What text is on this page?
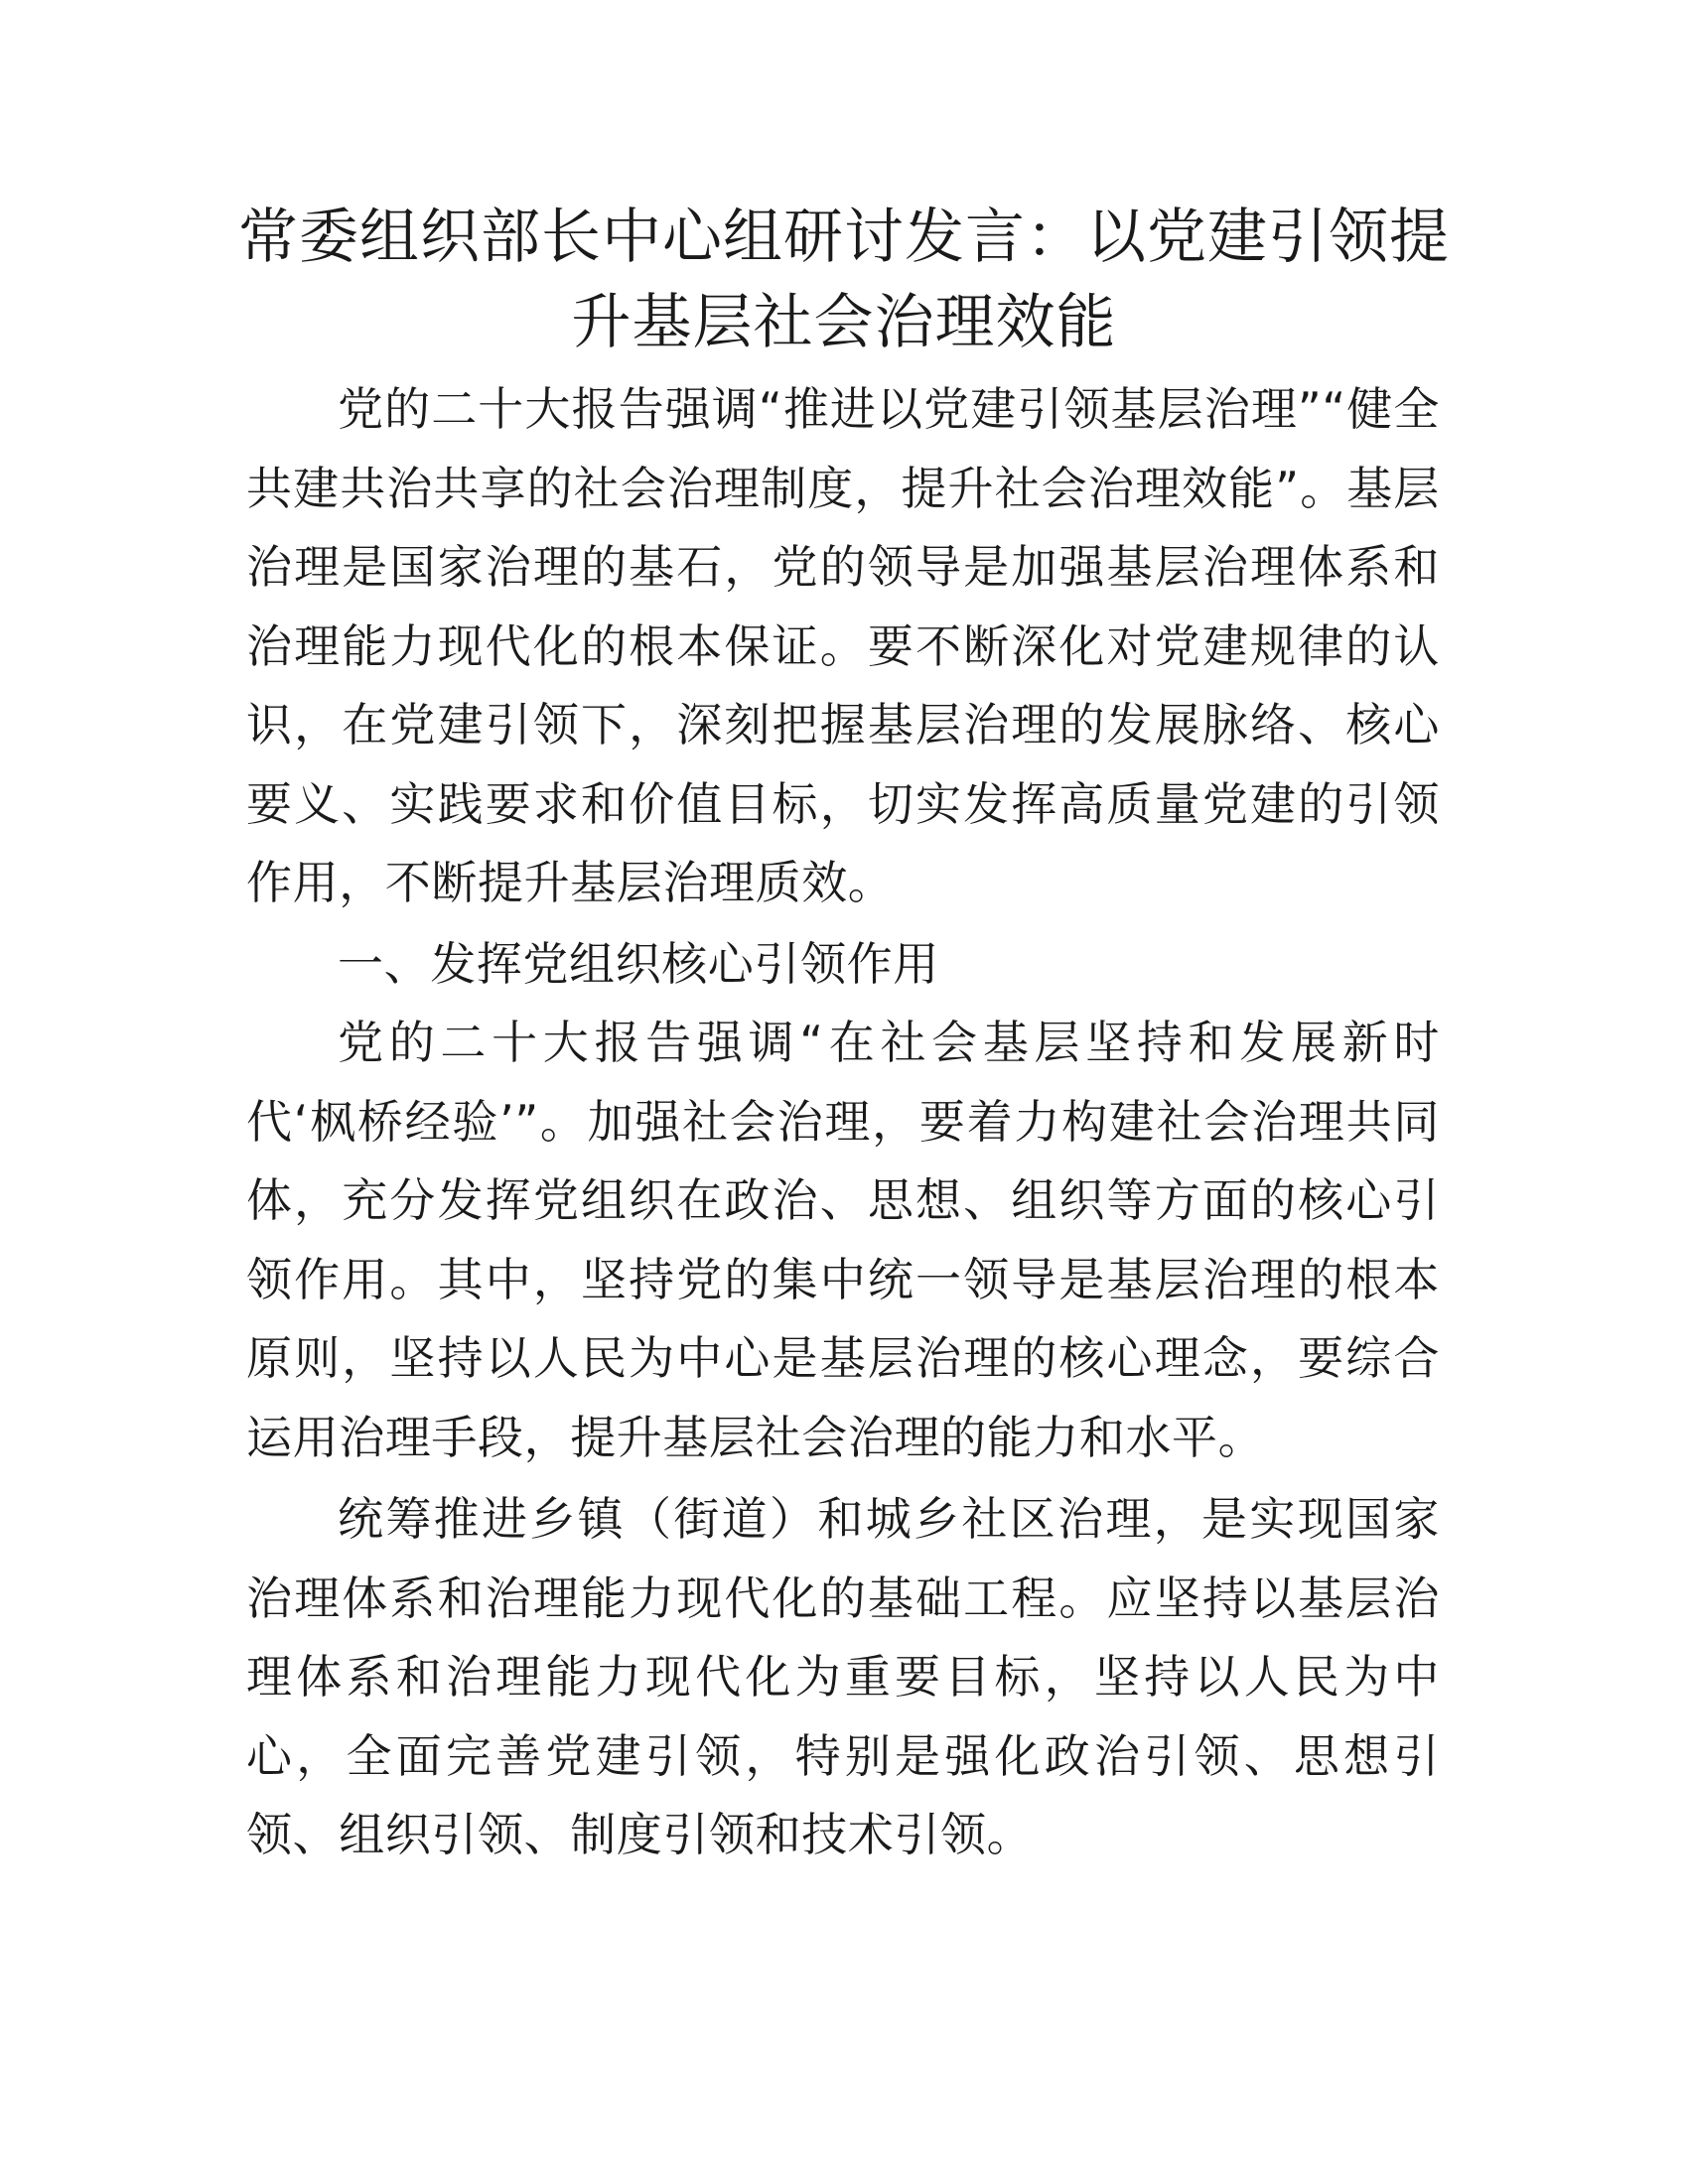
常委组织部长中心组研讨发言：以党建引领提
升基层社会治理效能

党的二十大报告强调“推进以党建引领基层治理”“健全共建共治共享的社会治理制度，提升社会治理效能”。基层治理是国家治理的基石，党的领导是加强基层治理体系和治理能力现代化的根本保证。要不断深化对党建规律的认识，在党建引领下，深刻把握基层治理的发展脉络、核心要义、实践要求和价值目标，切实发挥高质量党建的引领作用，不断提升基层治理质效。

一、发挥党组织核心引领作用

党的二十大报告强调“在社会基层坚持和发展新时代‘枫桥经验’”。加强社会治理，要着力构建社会治理共同体，充分发挥党组织在政治、思想、组织等方面的核心引领作用。其中，坚持党的集中统一领导是基层治理的根本原则，坚持以人民为中心是基层治理的核心理念，要综合运用治理手段，提升基层社会治理的能力和水平。

统筹推进乡镇（街道）和城乡社区治理，是实现国家治理体系和治理能力现代化的基础工程。应坚持以基层治理体系和治理能力现代化为重要目标，坚持以人民为中心，全面完善党建引领，特别是强化政治引领、思想引领、组织引领、制度引领和技术引领。
